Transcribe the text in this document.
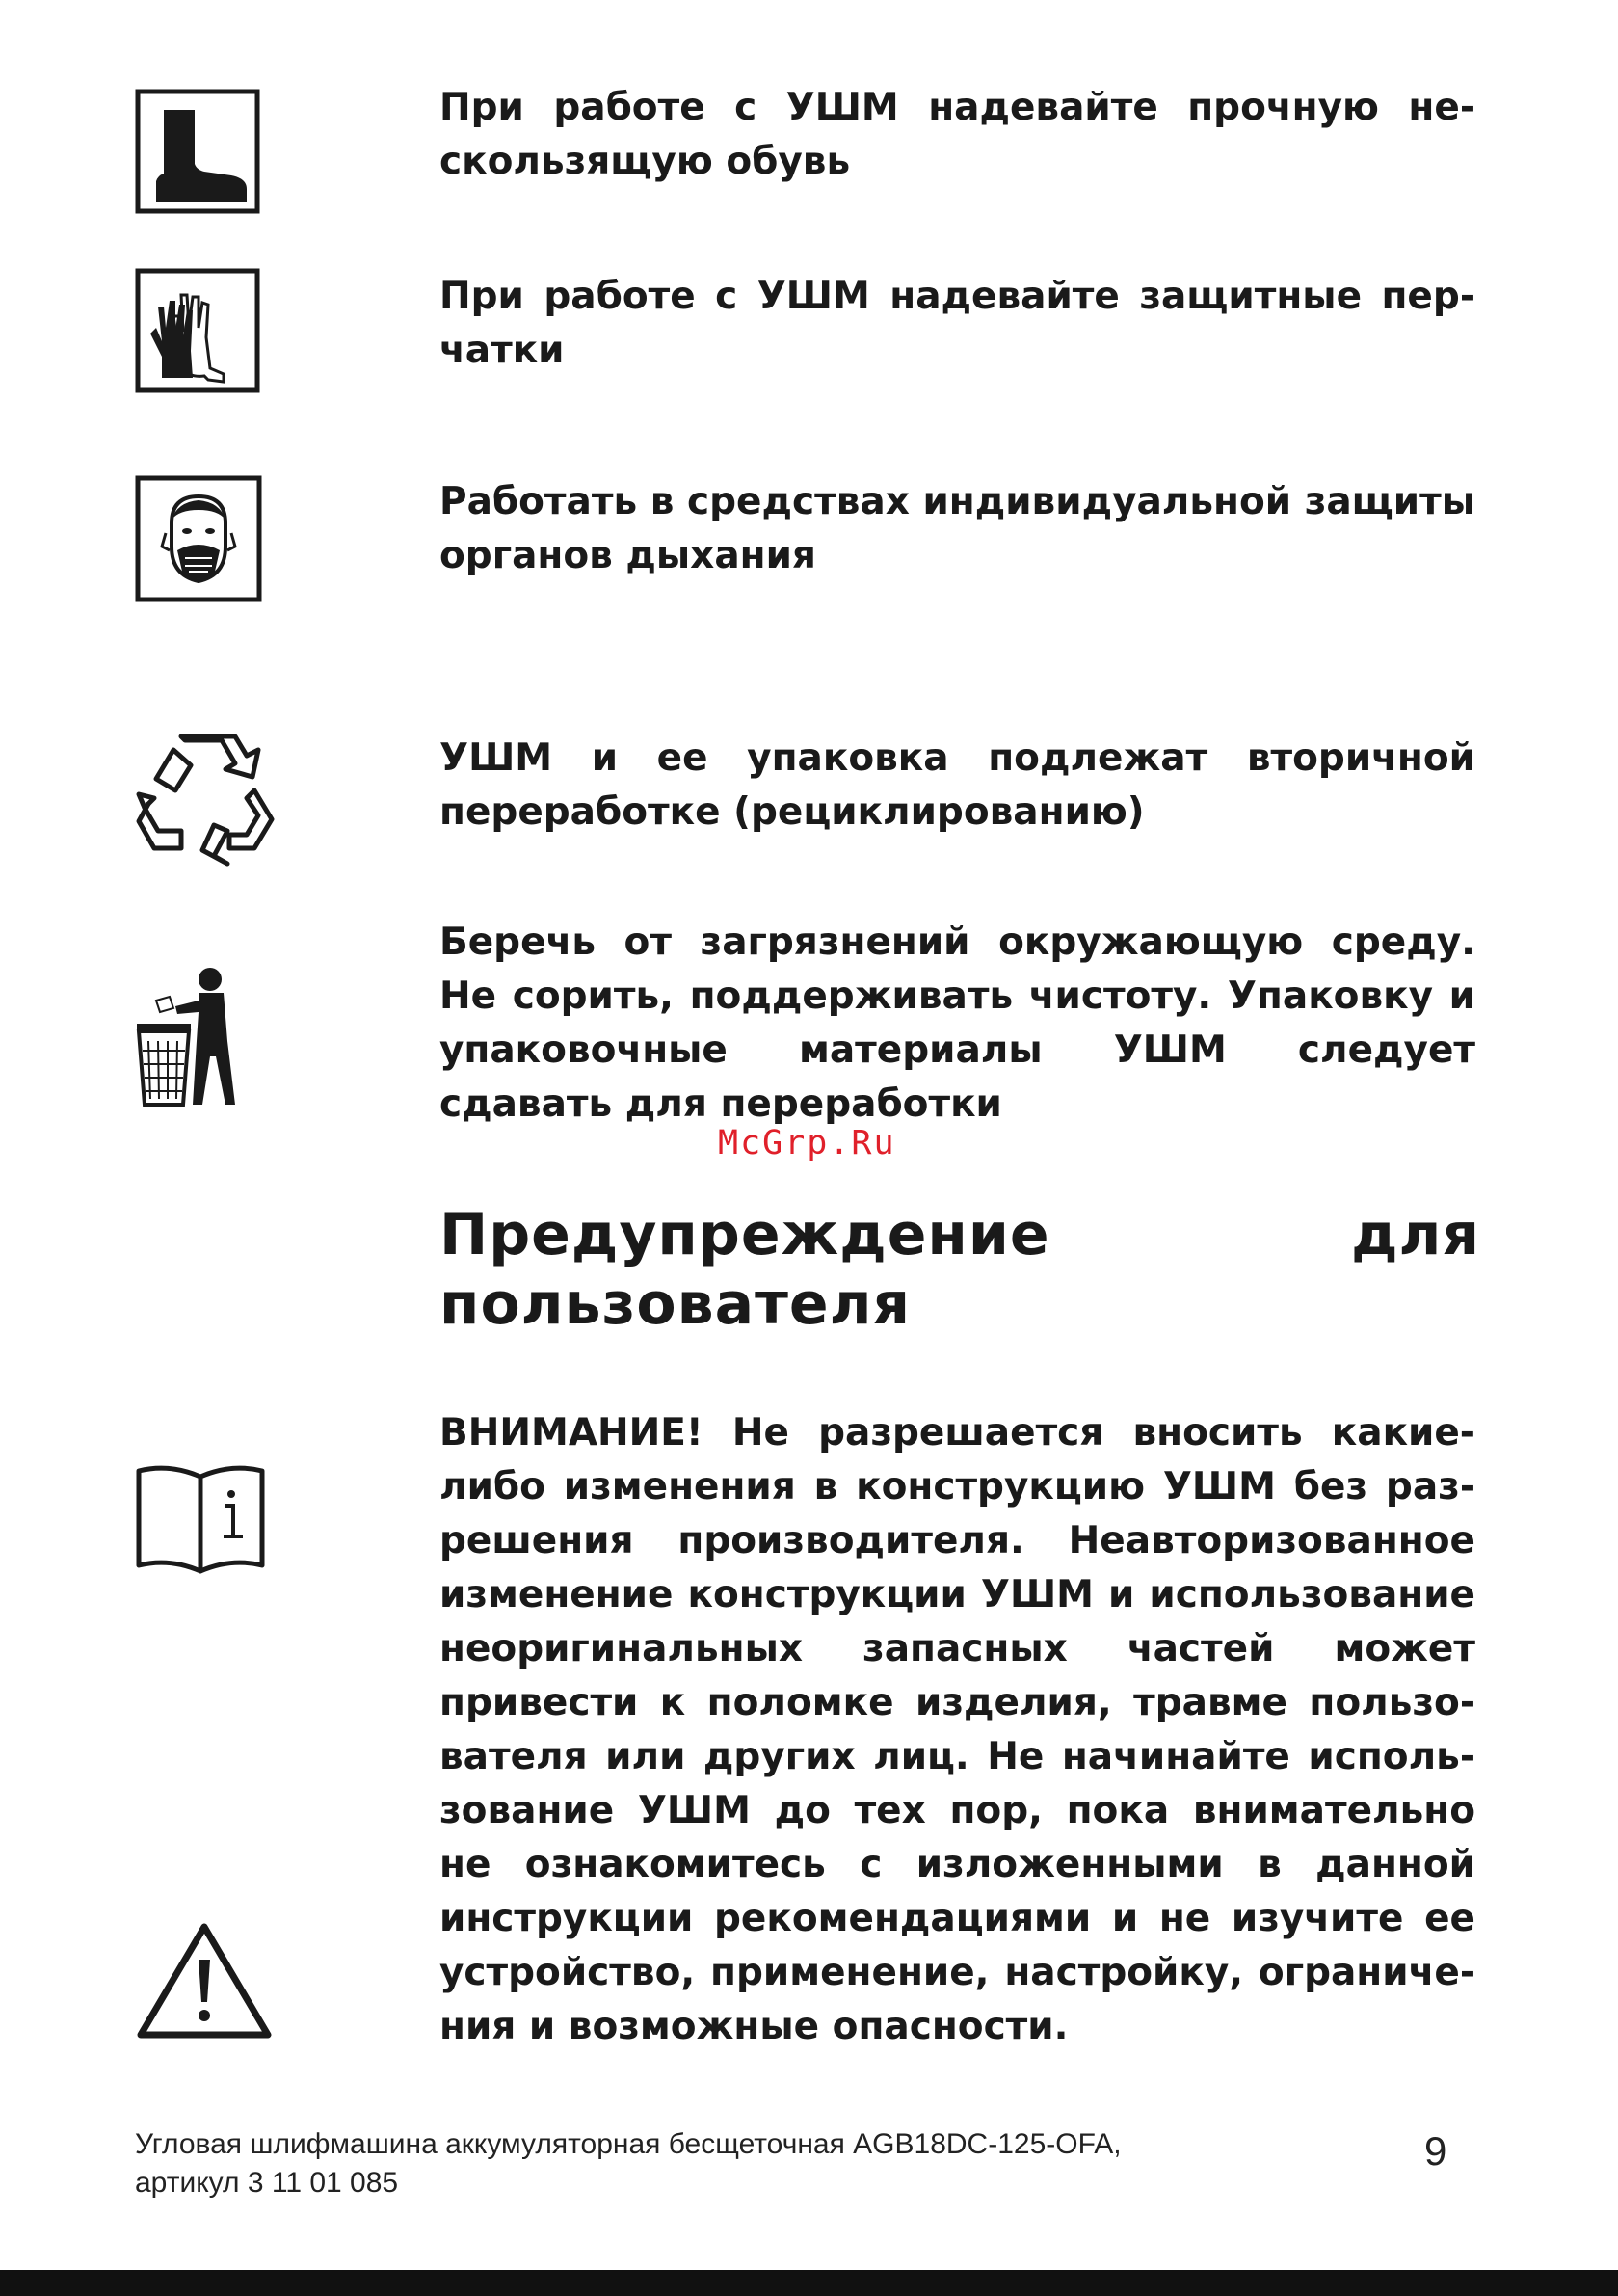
При работе с УШМ надевайте прочную нескользящую обувь

При работе с УШМ надевайте защитные перчатки

Работать в средствах индивидуальной защиты органов дыхания

УШМ и ее упаковка подлежат вторичной переработке (рециклированию)

Беречь от загрязнений окружающую среду. Не сорить, поддерживать чистоту. Упаковку и упаковочные материалы УШМ следует сдавать для переработки

McGrp.Ru
Предупреждение для пользователя

ВНИМАНИЕ! Не разрешается вносить какие-либо изменения в конструкцию УШМ без разрешения производителя. Неавторизованное изменение конструкции УШМ и использование неоригинальных запасных частей может привести к поломке изделия, травме пользователя или других лиц. Не начинайте использование УШМ до тех пор, пока внимательно не ознакомитесь с изложенными в данной инструкции рекомендациями и не изучите ее устройство, применение, настройку, ограничения и возможные опасности.

Угловая шлифмашина аккумуляторная бесщеточная AGB18DC-125-OFA,
артикул 3 11 01 085
9
